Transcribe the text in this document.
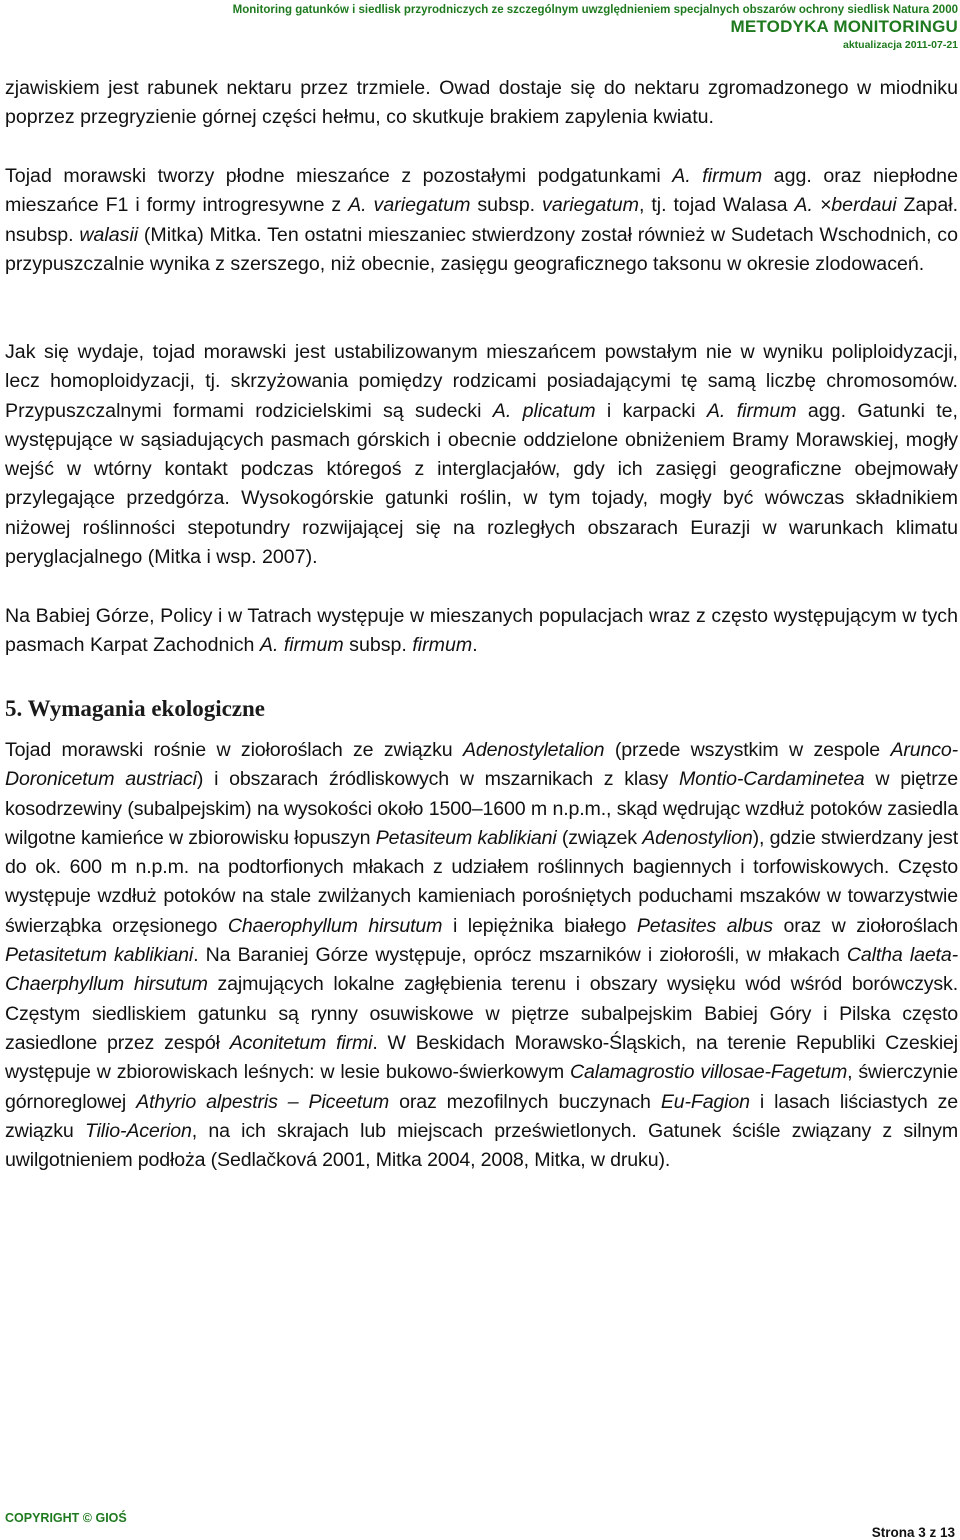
Monitoring gatunków i siedlisk przyrodniczych ze szczególnym uwzględnieniem specjalnych obszarów ochrony siedlisk Natura 2000
METODYKA MONITORINGU
aktualizacja 2011-07-21

zjawiskiem jest rabunek nektaru przez trzmiele. Owad dostaje się do nektaru zgromadzonego w miodniku poprzez przegryzienie górnej części hełmu, co skutkuje brakiem zapylenia kwiatu.

Tojad morawski tworzy płodne mieszańce z pozostałymi podgatunkami A. firmum agg. oraz niepłodne mieszańce F1 i formy introgresywne z A. variegatum subsp. variegatum, tj. tojad Walasa A. ×berdaui Zapał. nsubsp. walasii (Mitka) Mitka. Ten ostatni mieszaniec stwierdzony został również w Sudetach Wschodnich, co przypuszczalnie wynika z szerszego, niż obecnie, zasięgu geograficznego taksonu w okresie zlodowaceń.

Jak się wydaje, tojad morawski jest ustabilizowanym mieszańcem powstałym nie w wyniku poliploidyzacji, lecz homoploidyzacji, tj. skrzyżowania pomiędzy rodzicami posiadającymi tę samą liczbę chromosomów. Przypuszczalnymi formami rodzicielskimi są sudecki A. plicatum i karpacki A. firmum agg. Gatunki te, występujące w sąsiadujących pasmach górskich i obecnie oddzielone obniżeniem Bramy Morawskiej, mogły wejść w wtórny kontakt podczas któregoś z interglacjałów, gdy ich zasięgi geograficzne obejmowały przylegające przedgórza. Wysokogórskie gatunki roślin, w tym tojady, mogły być wówczas składnikiem niżowej roślinności stepotundry rozwijającej się na rozległych obszarach Eurazji w warunkach klimatu peryglacjalnego (Mitka i wsp. 2007).

Na Babiej Górze, Policy i w Tatrach występuje w mieszanych populacjach wraz z często występującym w tych pasmach Karpat Zachodnich A. firmum subsp. firmum.

5. Wymagania ekologiczne

Tojad morawski rośnie w ziołoroślach ze związku Adenostyletalion (przede wszystkim w zespole Arunco-Doronicetum austriaci) i obszarach źródliskowych w mszarnikach z klasy Montio-Cardaminetea w piętrze kosodrzewiny (subalpejskim) na wysokości około 1500–1600 m n.p.m., skąd wędrując wzdłuż potoków zasiedla wilgotne kamieńce w zbiorowisku łopuszyn Petasiteum kablikiani (związek Adenostylion), gdzie stwierdzany jest do ok. 600 m n.p.m. na podtorfionych młakach z udziałem roślinnych bagiennych i torfowiskowych. Często występuje wzdłuż potoków na stale zwilżanych kamieniach porośniętych poduchami mszaków w towarzystwie świerząbka orzęsionego Chaerophyllum hirsutum i lepiężnika białego Petasites albus oraz w ziołoroślach Petasitetum kablikiani. Na Baraniej Górze występuje, oprócz mszarników i ziołorośli, w młakach Caltha laeta-Chaerphyllum hirsutum zajmujących lokalne zagłębienia terenu i obszary wysięku wód wśród borówczysk. Częstym siedliskiem gatunku są rynny osuwiskowe w piętrze subalpejskim Babiej Góry i Pilska często zasiedlone przez zespół Aconitetum firmi. W Beskidach Morawsko-Śląskich, na terenie Republiki Czeskiej występuje w zbiorowiskach leśnych: w lesie bukowo-świerkowym Calamagrostio villosae-Fagetum, świerczynie górnoreglowej Athyrio alpestris – Piceetum oraz mezofilnych buczynach Eu-Fagion i lasach liściastych ze związku Tilio-Acerion, na ich skrajach lub miejscach prześwietlonych. Gatunek ściśle związany z silnym uwilgotnieniem podłoża (Sedlačková 2001, Mitka 2004, 2008, Mitka, w druku).

COPYRIGHT © GIOŚ
Strona 3 z 13
